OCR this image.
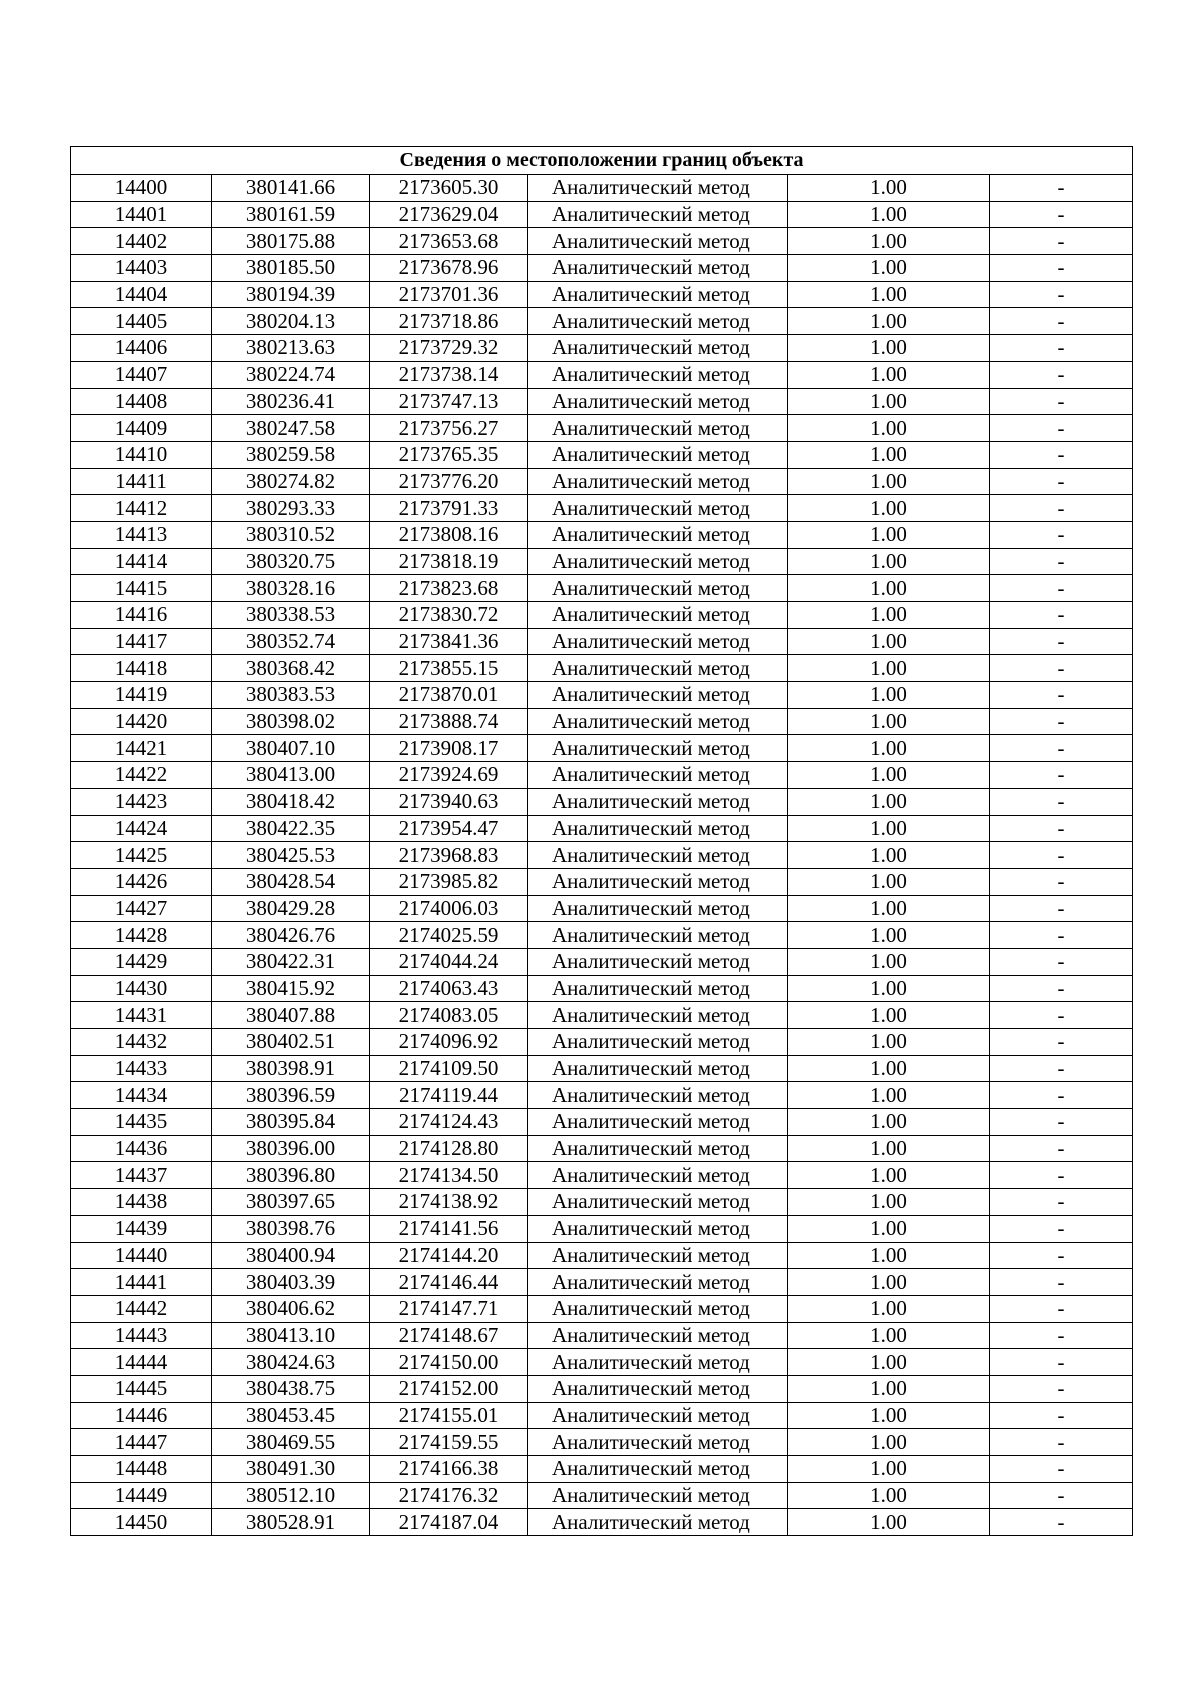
Сведения о местоположении границ объекта					
14400	380141.66	2173605.30	Аналитический метод	1.00	-
14401	380161.59	2173629.04	Аналитический метод	1.00	-
14402	380175.88	2173653.68	Аналитический метод	1.00	-
14403	380185.50	2173678.96	Аналитический метод	1.00	-
14404	380194.39	2173701.36	Аналитический метод	1.00	-
14405	380204.13	2173718.86	Аналитический метод	1.00	-
14406	380213.63	2173729.32	Аналитический метод	1.00	-
14407	380224.74	2173738.14	Аналитический метод	1.00	-
14408	380236.41	2173747.13	Аналитический метод	1.00	-
14409	380247.58	2173756.27	Аналитический метод	1.00	-
14410	380259.58	2173765.35	Аналитический метод	1.00	-
14411	380274.82	2173776.20	Аналитический метод	1.00	-
14412	380293.33	2173791.33	Аналитический метод	1.00	-
14413	380310.52	2173808.16	Аналитический метод	1.00	-
14414	380320.75	2173818.19	Аналитический метод	1.00	-
14415	380328.16	2173823.68	Аналитический метод	1.00	-
14416	380338.53	2173830.72	Аналитический метод	1.00	-
14417	380352.74	2173841.36	Аналитический метод	1.00	-
14418	380368.42	2173855.15	Аналитический метод	1.00	-
14419	380383.53	2173870.01	Аналитический метод	1.00	-
14420	380398.02	2173888.74	Аналитический метод	1.00	-
14421	380407.10	2173908.17	Аналитический метод	1.00	-
14422	380413.00	2173924.69	Аналитический метод	1.00	-
14423	380418.42	2173940.63	Аналитический метод	1.00	-
14424	380422.35	2173954.47	Аналитический метод	1.00	-
14425	380425.53	2173968.83	Аналитический метод	1.00	-
14426	380428.54	2173985.82	Аналитический метод	1.00	-
14427	380429.28	2174006.03	Аналитический метод	1.00	-
14428	380426.76	2174025.59	Аналитический метод	1.00	-
14429	380422.31	2174044.24	Аналитический метод	1.00	-
14430	380415.92	2174063.43	Аналитический метод	1.00	-
14431	380407.88	2174083.05	Аналитический метод	1.00	-
14432	380402.51	2174096.92	Аналитический метод	1.00	-
14433	380398.91	2174109.50	Аналитический метод	1.00	-
14434	380396.59	2174119.44	Аналитический метод	1.00	-
14435	380395.84	2174124.43	Аналитический метод	1.00	-
14436	380396.00	2174128.80	Аналитический метод	1.00	-
14437	380396.80	2174134.50	Аналитический метод	1.00	-
14438	380397.65	2174138.92	Аналитический метод	1.00	-
14439	380398.76	2174141.56	Аналитический метод	1.00	-
14440	380400.94	2174144.20	Аналитический метод	1.00	-
14441	380403.39	2174146.44	Аналитический метод	1.00	-
14442	380406.62	2174147.71	Аналитический метод	1.00	-
14443	380413.10	2174148.67	Аналитический метод	1.00	-
14444	380424.63	2174150.00	Аналитический метод	1.00	-
14445	380438.75	2174152.00	Аналитический метод	1.00	-
14446	380453.45	2174155.01	Аналитический метод	1.00	-
14447	380469.55	2174159.55	Аналитический метод	1.00	-
14448	380491.30	2174166.38	Аналитический метод	1.00	-
14449	380512.10	2174176.32	Аналитический метод	1.00	-
14450	380528.91	2174187.04	Аналитический метод	1.00	-
